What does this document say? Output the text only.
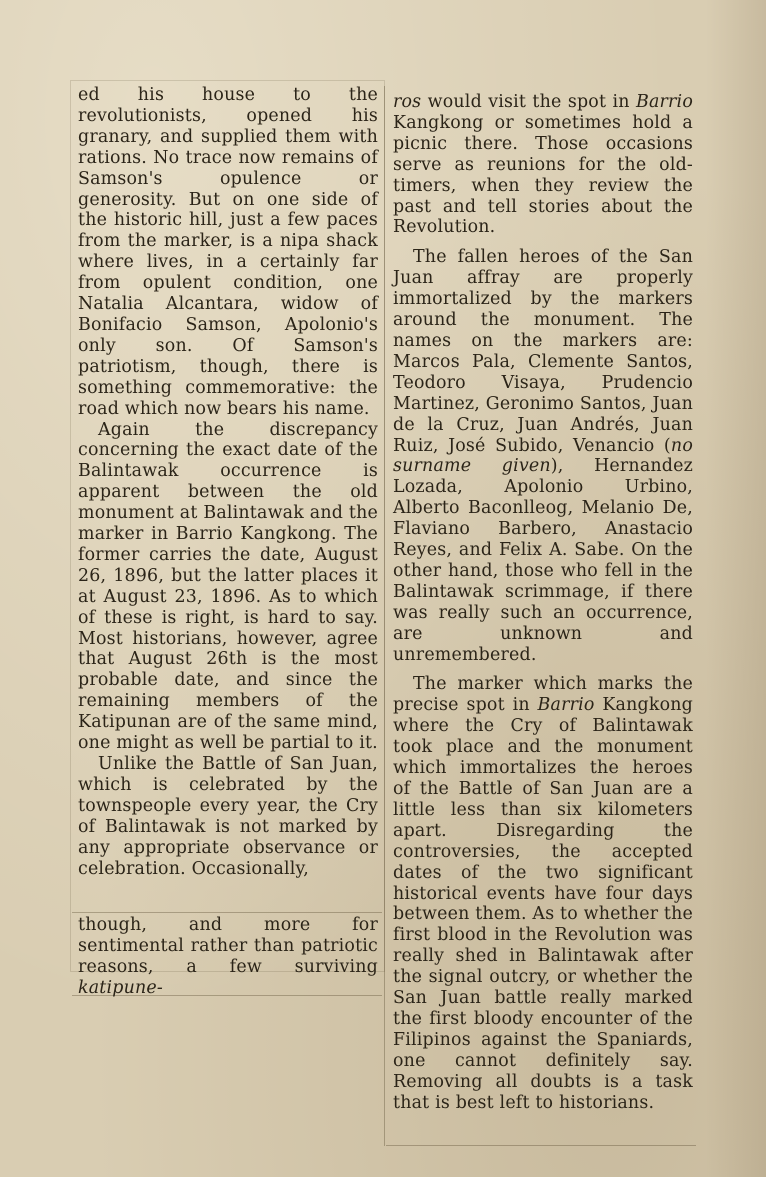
ed his house to the revolutionists, opened his granary, and supplied them with rations. No trace now remains of Samson's opulence or generosity. But on one side of the historic hill, just a few paces from the marker, is a nipa shack where lives, in a certainly far from opulent condition, one Natalia Alcantara, widow of Bonifacio Samson, Apolonio's only son. Of Samson's patriotism, though, there is something commemorative: the road which now bears his name.

Again the discrepancy concerning the exact date of the Balintawak occurrence is apparent between the old monument at Balintawak and the marker in Barrio Kangkong. The former carries the date, August 26, 1896, but the latter places it at August 23, 1896. As to which of these is right, is hard to say. Most historians, however, agree that August 26th is the most probable date, and since the remaining members of the Katipunan are of the same mind, one might as well be partial to it.

Unlike the Battle of San Juan, which is celebrated by the townspeople every year, the Cry of Balintawak is not marked by any appropriate observance or celebration. Occasionally,

though, and more for sentimental rather than patriotic reasons, a few surviving katipune-

ros would visit the spot in Barrio Kangkong or sometimes hold a picnic there. Those occasions serve as reunions for the old-timers, when they review the past and tell stories about the Revolution.

The fallen heroes of the San Juan affray are properly immortalized by the markers around the monument. The names on the markers are: Marcos Pala, Clemente Santos, Teodoro Visaya, Prudencio Martinez, Geronimo Santos, Juan de la Cruz, Juan Andrés, Juan Ruiz, José Subido, Venancio (no surname given), Hernandez Lozada, Apolonio Urbino, Alberto Baconlleog, Melanio De, Flaviano Barbero, Anastacio Reyes, and Felix A. Sabe. On the other hand, those who fell in the Balintawak scrimmage, if there was really such an occurrence, are unknown and unremembered.

The marker which marks the precise spot in Barrio Kangkong where the Cry of Balintawak took place and the monument which immortalizes the heroes of the Battle of San Juan are a little less than six kilometers apart. Disregarding the controversies, the accepted dates of the two significant historical events have four days between them. As to whether the first blood in the Revolution was really shed in Balintawak after the signal outcry, or whether the San Juan battle really marked the first bloody encounter of the Filipinos against the Spaniards, one cannot definitely say. Removing all doubts is a task that is best left to historians.
